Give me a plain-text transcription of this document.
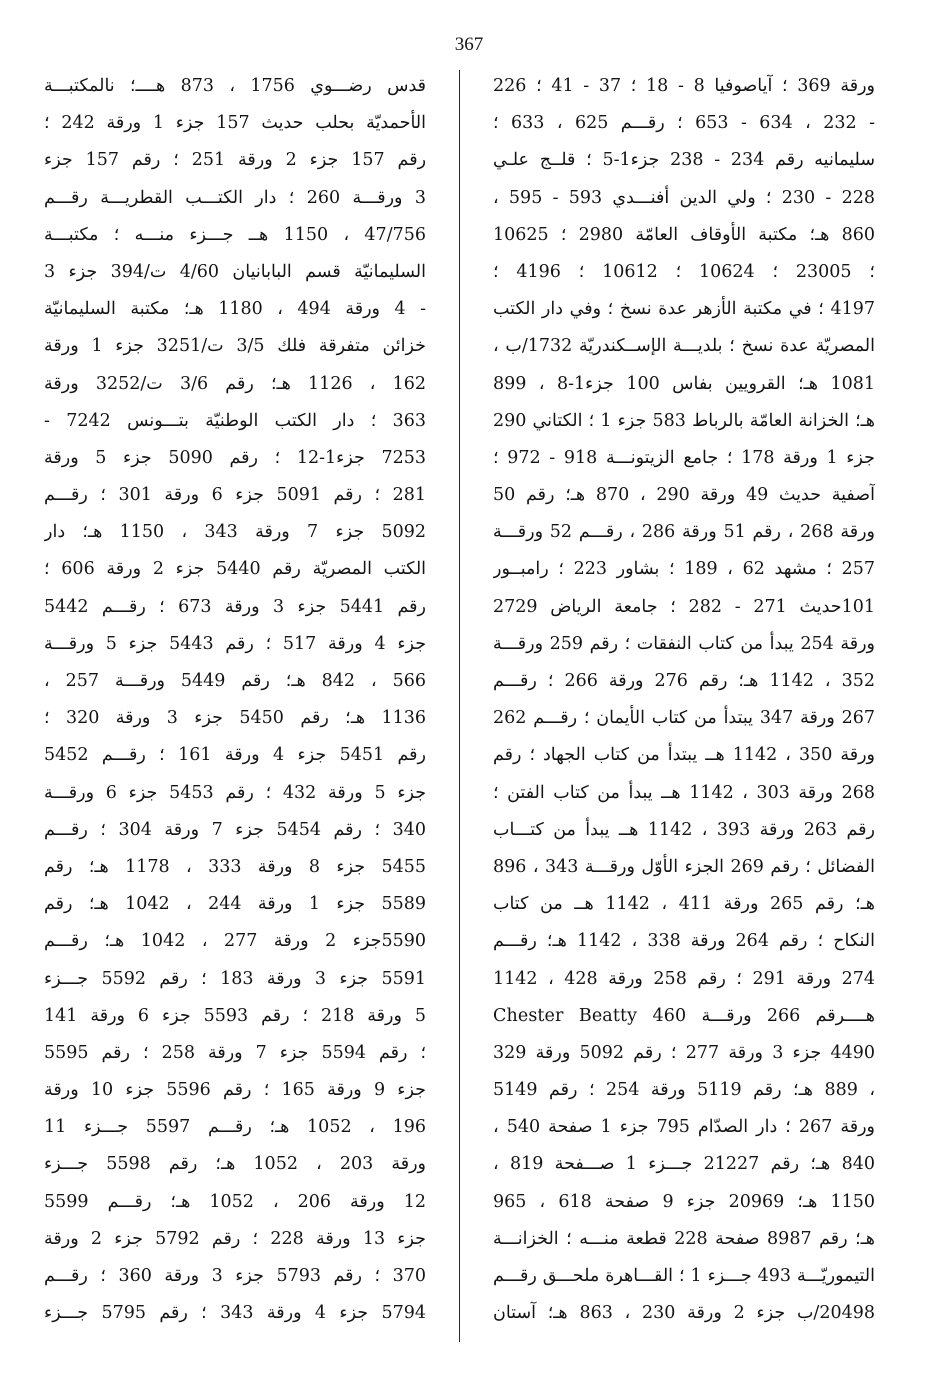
367
ورقة 369 ؛ آياصوفيا 8 - 18 ؛ 37 - 41 ؛ 226
- 232 ، 634 - 653 ؛ رقـــم 625 ، 633 ؛
سليمانيه رقم 234 - 238 جزء1-5 ؛ قلــج علـي
228 - 230 ؛ ولي الدين أفنـــدي 593 - 595 ،
860 هـ؛ مكتبة الأوقاف العامّة 2980 ؛ 10625
؛ 23005 ؛ 10624 ؛ 10612 ؛ 4196 ؛
4197 ؛ في مكتبة الأزهر عدة نسخ ؛ وفي دار الكتب
المصريّة عدة نسخ ؛ بلديـــة الإســكندريّة 1732/ب ،
1081 هـ؛ القرويين بفاس 100 جزء1-8 ، 899
هـ؛ الخزانة العامّة بالرباط 583 جزء 1 ؛ الكتاني 290
جزء 1 ورقة 178 ؛ جامع الزيتونـــة 918 - 972 ؛
آصفية حديث 49 ورقة 290 ، 870 هـ؛ رقم 50
ورقة 268 ، رقم 51 ورقة 286 ، رقـــم 52 ورقـــة
257 ؛ مشهد 62 ، 189 ؛ بشاور 223 ؛ رامبــور
101حديث 271 - 282 ؛ جامعة الرياض 2729
ورقة 254 يبدأ من كتاب النفقات ؛ رقم 259 ورقـــة
352 ، 1142 هـ؛ رقم 276 ورقة 266 ؛ رقـــم
267 ورقة 347 يبتدأ من كتاب الأيمان ؛ رقـــم 262
ورقة 350 ، 1142 هــ يبتدأ من كتاب الجهاد ؛ رقم
268 ورقة 303 ، 1142 هــ يبدأ من كتاب الفتن ؛
رقم 263 ورقة 393 ، 1142 هــ يبدأ من كتـــاب
الفضائل ؛ رقم 269 الجزء الأوّل ورقـــة 343 ، 896
هـ؛ رقم 265 ورقة 411 ، 1142 هــ من كتاب
النكاح ؛ رقم 264 ورقة 338 ، 1142 هـ؛ رقـــم
274 ورقة 291 ؛ رقم 258 ورقة 428 ، 1142
هــــرقم 266 ورقـــة Chester Beatty 460
4490 جزء 3 ورقة 277 ؛ رقم 5092 ورقة 329
، 889 هـ؛ رقم 5119 ورقة 254 ؛ رقم 5149
ورقة 267 ؛ دار الصدّام 795 جزء 1 صفحة 540 ،
840 هـ؛ رقم 21227 جـــزء 1 صـــفحة 819 ،
1150 هـ؛ 20969 جزء 9 صفحة 618 ، 965
هـ؛ رقم 8987 صفحة 228 قطعة منـــه ؛ الخزانـــة
التيموريّـــة 493 جـــزء 1 ؛ القـــاهرة ملحـــق رقـــم
20498/ب جزء 2 ورقة 230 ، 863 هـ؛ آستان
قدس رضـــوي 1756 ، 873 هــــ؛ نالمكتبـــة
الأحمديّة بحلب حديث 157 جزء 1 ورقة 242 ؛
رقم 157 جزء 2 ورقة 251 ؛ رقم 157 جزء
3 ورقـــة 260 ؛ دار الكتـــب القطريـــة رقـــم
47/756 ، 1150 هــ جـــزء منـــه ؛ مكتبـــة
السليمانيّة قسم البابانيان 4/60 ت/394 جزء 3
- 4 ورقة 494 ، 1180 هـ؛ مكتبة السليمانيّة
خزائن متفرقة فلك 3/5 ت/3251 جزء 1 ورقة
162 ، 1126 هـ؛ رقم 3/6 ت/3252 ورقة
363 ؛ دار الكتب الوطنيّة بتـــونس 7242 -
7253 جزء1-12 ؛ رقم 5090 جزء 5 ورقة
281 ؛ رقم 5091 جزء 6 ورقة 301 ؛ رقـــم
5092 جزء 7 ورقة 343 ، 1150 هـ؛ دار
الكتب المصريّة رقم 5440 جزء 2 ورقة 606 ؛
رقم 5441 جزء 3 ورقة 673 ؛ رقـــم 5442
جزء 4 ورقة 517 ؛ رقم 5443 جزء 5 ورقـــة
566 ، 842 هـ؛ رقم 5449 ورقـــة 257 ،
1136 هـ؛ رقم 5450 جزء 3 ورقة 320 ؛
رقم 5451 جزء 4 ورقة 161 ؛ رقـــم 5452
جزء 5 ورقة 432 ؛ رقم 5453 جزء 6 ورقـــة
340 ؛ رقم 5454 جزء 7 ورقة 304 ؛ رقـــم
5455 جزء 8 ورقة 333 ، 1178 هـ؛ رقم
5589 جزء 1 ورقة 244 ، 1042 هـ؛ رقم
5590جزء 2 ورقة 277 ، 1042 هـ؛ رقـــم
5591 جزء 3 ورقة 183 ؛ رقم 5592 جـــزء
5 ورقة 218 ؛ رقم 5593 جزء 6 ورقة 141
؛ رقم 5594 جزء 7 ورقة 258 ؛ رقم 5595
جزء 9 ورقة 165 ؛ رقم 5596 جزء 10 ورقة
196 ، 1052 هـ؛ رقـــم 5597 جـــزء 11
ورقة 203 ، 1052 هـ؛ رقم 5598 جـــزء
12 ورقة 206 ، 1052 هـ؛ رقـــم 5599
جزء 13 ورقة 228 ؛ رقم 5792 جزء 2 ورقة
370 ؛ رقم 5793 جزء 3 ورقة 360 ؛ رقـــم
5794 جزء 4 ورقة 343 ؛ رقم 5795 جـــزء
